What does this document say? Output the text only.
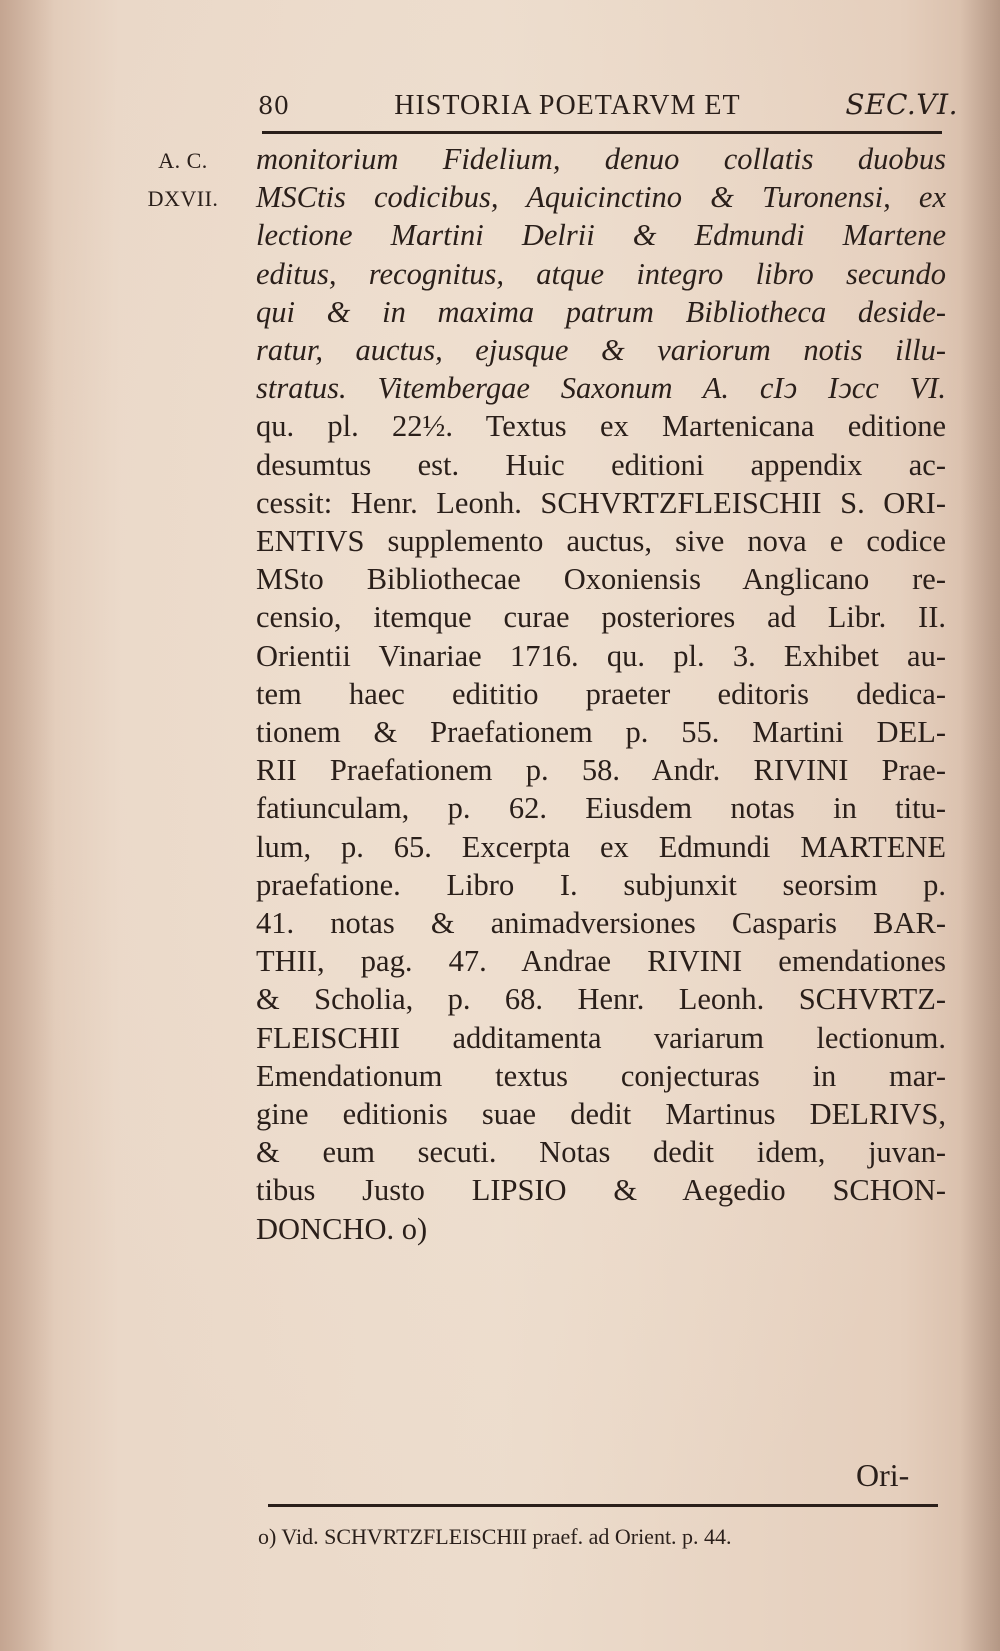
80	HISTORIA POETARVM ET	SEC.VI.
A. C.
DXVII.
monitorium Fidelium, denuo collatis duobus
MSCtis codicibus, Aquicinctino & Turonensi, ex
lectione Martini Delrii & Edmundi Martene
editus, recognitus, atque integro libro secundo
qui & in maxima patrum Bibliotheca deside-
ratur, auctus, ejusque & variorum notis illu-
stratus. Vitembergae Saxonum A. cIↄ Iↄcc VI.
qu. pl. 22½. Textus ex Martenicana editione
desumtus est. Huic editioni appendix ac-
cessit: Henr. Leonh. SCHVRTZFLEISCHII S. ORI-
ENTIVS supplemento auctus, sive nova e codice
MSto Bibliothecae Oxoniensis Anglicano re-
censio, itemque curae posteriores ad Libr. II.
Orientii Vinariae 1716. qu. pl. 3. Exhibet au-
tem haec edititio praeter editoris dedica-
tionem & Praefationem p. 55. Martini DEL-
RII Praefationem p. 58. Andr. RIVINI Prae-
fatiunculam, p. 62. Eiusdem notas in titu-
lum, p. 65. Excerpta ex Edmundi MARTENE
praefatione. Libro I. subjunxit seorsim p.
41. notas & animadversiones Casparis BAR-
THII, pag. 47. Andrae RIVINI emendationes
& Scholia, p. 68. Henr. Leonh. SCHVRTZ-
FLEISCHII additamenta variarum lectionum.
Emendationum textus conjecturas in mar-
gine editionis suae dedit Martinus DELRIVS,
& eum secuti. Notas dedit idem, juvan-
tibus Justo LIPSIO & Aegedio SCHON-
DONCHO. o)
Ori-
o) Vid. SCHVRTZFLEISCHII praef. ad Orient. p. 44.
